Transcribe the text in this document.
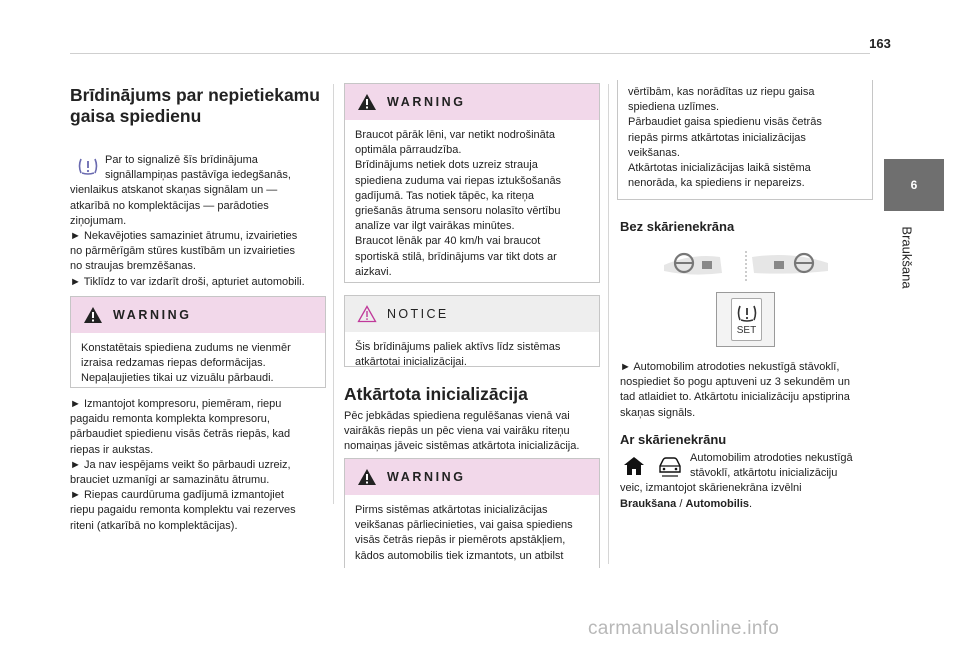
163
6
Braukšana
Brīdinājums par nepietiekamu gaisa spiedienu

Par to signalizē šīs brīdinājuma

signāllampiņas pastāvīga iedegšanās,

vienlaikus atskanot skaņas signālam un —

atkarībā no komplektācijas — parādoties

ziņojumam.

► Nekavējoties samaziniet ātrumu, izvairieties

no pārmērīgām stūres kustībām un izvairieties

no straujas bremzēšanas.

► Tiklīdz to var izdarīt droši, apturiet automobili.

WARNING

Konstatētais spiediena zudums ne vienmēr

izraisa redzamas riepas deformācijas.

Nepaļaujieties tikai uz vizuālu pārbaudi.

► Izmantojot kompresoru, piemēram, riepu

pagaidu remonta komplekta kompresoru,

pārbaudiet spiedienu visās četrās riepās, kad

riepas ir aukstas.

► Ja nav iespējams veikt šo pārbaudi uzreiz,

brauciet uzmanīgi ar samazinātu ātrumu.

► Riepas caurdūruma gadījumā izmantojiet

riepu pagaidu remonta komplektu vai rezerves

riteni (atkarībā no komplektācijas).

WARNING

Braucot pārāk lēni, var netikt nodrošināta

optimāla pārraudzība.

Brīdinājums netiek dots uzreiz strauja

spiediena zuduma vai riepas iztukšošanās

gadījumā. Tas notiek tāpēc, ka riteņa

griešanās ātruma sensoru nolasīto vērtību

analīze var ilgt vairākas minūtes.

Braucot lēnāk par 40 km/h vai braucot

sportiskā stilā, brīdinājums var tikt dots ar

aizkavi.

NOTICE

Šis brīdinājums paliek aktīvs līdz sistēmas

atkārtotai inicializācijai.

Atkārtota inicializācija

Pēc jebkādas spiediena regulēšanas vienā vai

vairākās riepās un pēc viena vai vairāku riteņu

nomaiņas jāveic sistēmas atkārtota inicializācija.

WARNING

Pirms sistēmas atkārtotas inicializācijas

veikšanas pārliecinieties, vai gaisa spiediens

visās četrās riepās ir piemērots apstākļiem,

kādos automobilis tiek izmantots, un atbilst

vērtībām, kas norādītas uz riepu gaisa

spiediena uzlīmes.

Pārbaudiet gaisa spiedienu visās četrās

riepās pirms atkārtotas inicializācijas

veikšanas.

Atkārtotas inicializācijas laikā sistēma

nenorāda, ka spiediens ir nepareizs.

Bez skārienekrāna
SET

► Automobilim atrodoties nekustīgā stāvoklī,

nospiediet šo pogu aptuveni uz 3 sekundēm un

tad atlaidiet to. Atkārtotu inicializāciju apstiprina

skaņas signāls.

Ar skārienekrānu

Automobilim atrodoties nekustīgā

stāvoklī, atkārtotu inicializāciju

veic, izmantojot skārienekrāna izvēlni

Braukšana / Automobilis.

carmanualsonline.info
